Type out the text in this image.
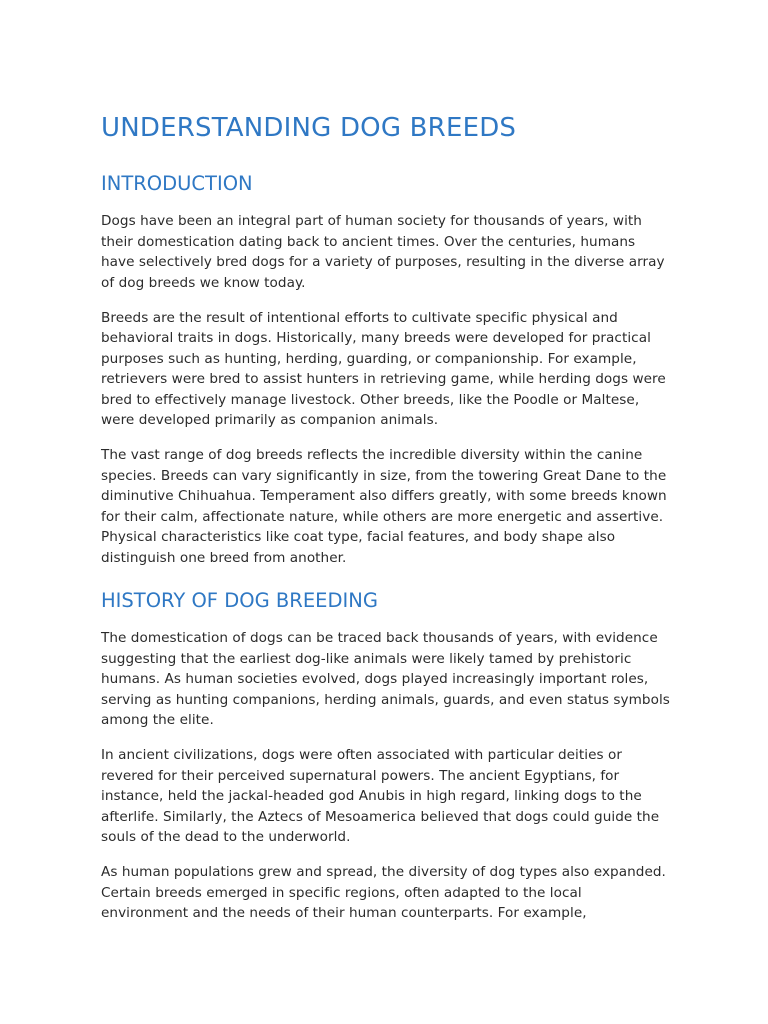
UNDERSTANDING DOG BREEDS
INTRODUCTION

Dogs have been an integral part of human society for thousands of years, with their domestication dating back to ancient times. Over the centuries, humans have selectively bred dogs for a variety of purposes, resulting in the diverse array of dog breeds we know today.

Breeds are the result of intentional efforts to cultivate specific physical and behavioral traits in dogs. Historically, many breeds were developed for practical purposes such as hunting, herding, guarding, or companionship. For example, retrievers were bred to assist hunters in retrieving game, while herding dogs were bred to effectively manage livestock. Other breeds, like the Poodle or Maltese, were developed primarily as companion animals.

The vast range of dog breeds reflects the incredible diversity within the canine species. Breeds can vary significantly in size, from the towering Great Dane to the diminutive Chihuahua. Temperament also differs greatly, with some breeds known for their calm, affectionate nature, while others are more energetic and assertive. Physical characteristics like coat type, facial features, and body shape also distinguish one breed from another.

HISTORY OF DOG BREEDING

The domestication of dogs can be traced back thousands of years, with evidence suggesting that the earliest dog-like animals were likely tamed by prehistoric humans. As human societies evolved, dogs played increasingly important roles, serving as hunting companions, herding animals, guards, and even status symbols among the elite.

In ancient civilizations, dogs were often associated with particular deities or revered for their perceived supernatural powers. The ancient Egyptians, for instance, held the jackal-headed god Anubis in high regard, linking dogs to the afterlife. Similarly, the Aztecs of Mesoamerica believed that dogs could guide the souls of the dead to the underworld.

As human populations grew and spread, the diversity of dog types also expanded. Certain breeds emerged in specific regions, often adapted to the local environment and the needs of their human counterparts. For example,
